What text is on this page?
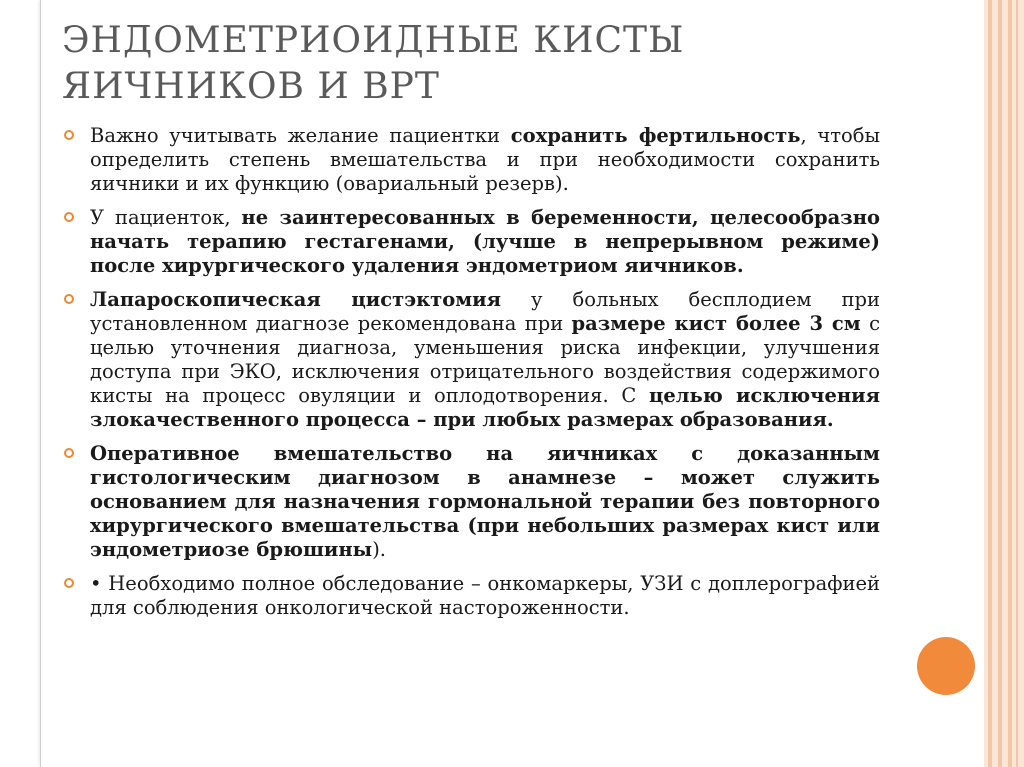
ЭНДОМЕТРИОИДНЫЕ КИСТЫ ЯИЧНИКОВ И ВРТ
Важно учитывать желание пациентки сохранить фертильность, чтобы определить степень вмешательства и при необходимости сохранить яичники и их функцию (овариальный резерв).
У пациенток, не заинтересованных в беременности, целесообразно начать терапию гестагенами, (лучше в непрерывном режиме) после хирургического удаления эндометриом яичников.
Лапароскопическая цистэктомия у больных бесплодием при установленном диагнозе рекомендована при размере кист более 3 см с целью уточнения диагноза, уменьшения риска инфекции, улучшения доступа при ЭКО, исключения отрицательного воздействия содержимого кисты на процесс овуляции и оплодотворения. С целью исключения злокачественного процесса – при любых размерах образования.
Оперативное вмешательство на яичниках с доказанным гистологическим диагнозом в анамнезе – может служить основанием для назначения гормональной терапии без повторного хирургического вмешательства (при небольших размерах кист или эндометриозе брюшины).
• Необходимо полное обследование – онкомаркеры, УЗИ с доплерографией для соблюдения онкологической настороженности.
